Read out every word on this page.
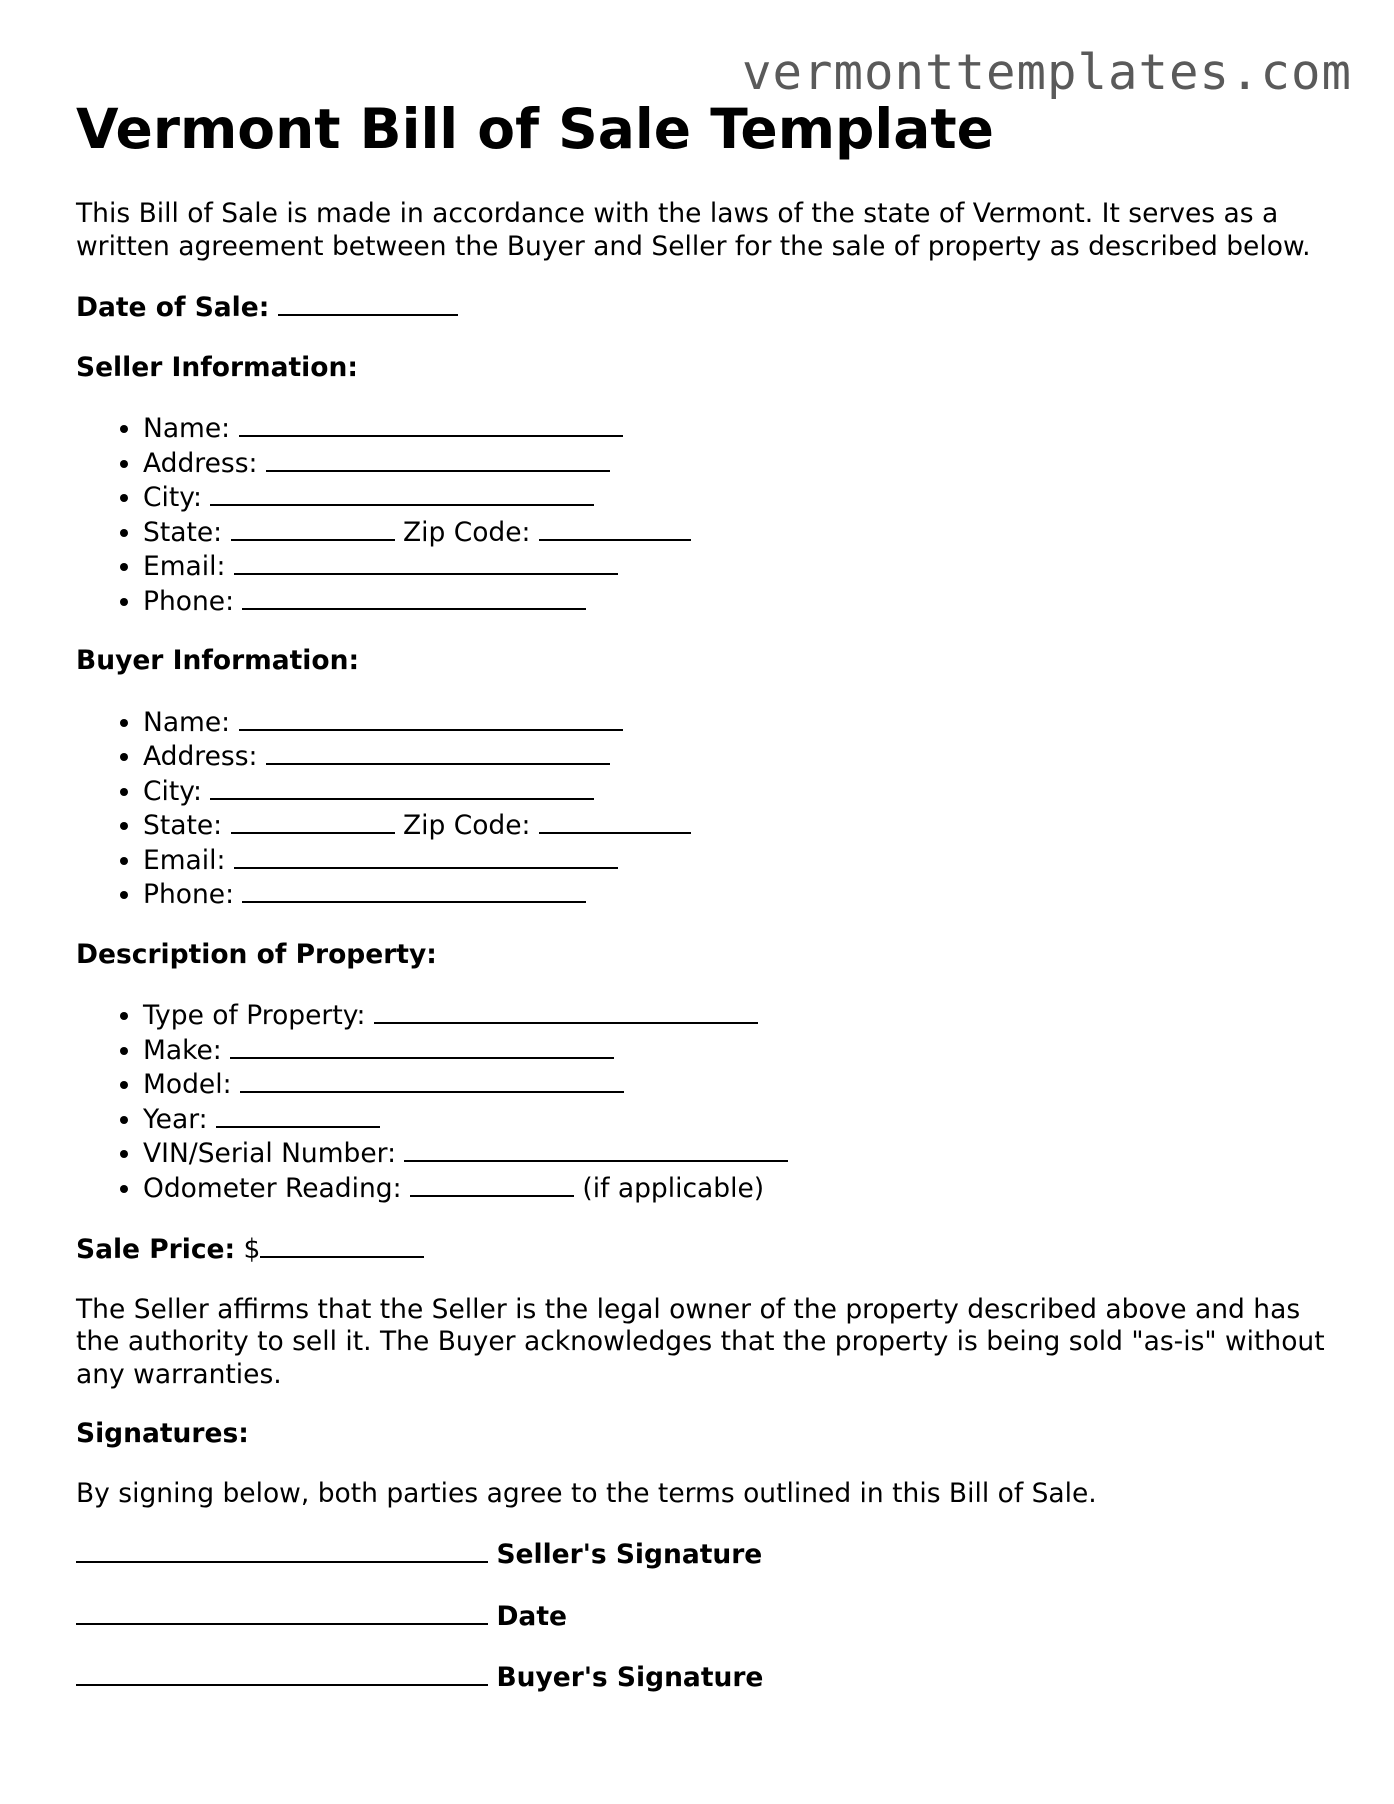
vermonttemplates.com
Vermont Bill of Sale Template

This Bill of Sale is made in accordance with the laws of the state of Vermont. It serves as a written agreement between the Buyer and Seller for the sale of property as described below.

Date of Sale:

Seller Information:

• Name:
• Address:
• City:
• State:	Zip Code:
• Email:
• Phone:

Buyer Information:

• Name:
• Address:
• City:
• State:	Zip Code:
• Email:
• Phone:

Description of Property:

• Type of Property:
• Make:
• Model:
• Year:
• VIN/Serial Number:
• Odometer Reading:	(if applicable)

Sale Price: $

The Seller affirms that the Seller is the legal owner of the property described above and has the authority to sell it. The Buyer acknowledges that the property is being sold "as-is" without any warranties.

Signatures:

By signing below, both parties agree to the terms outlined in this Bill of Sale.

Seller's Signature

Date

Buyer's Signature
